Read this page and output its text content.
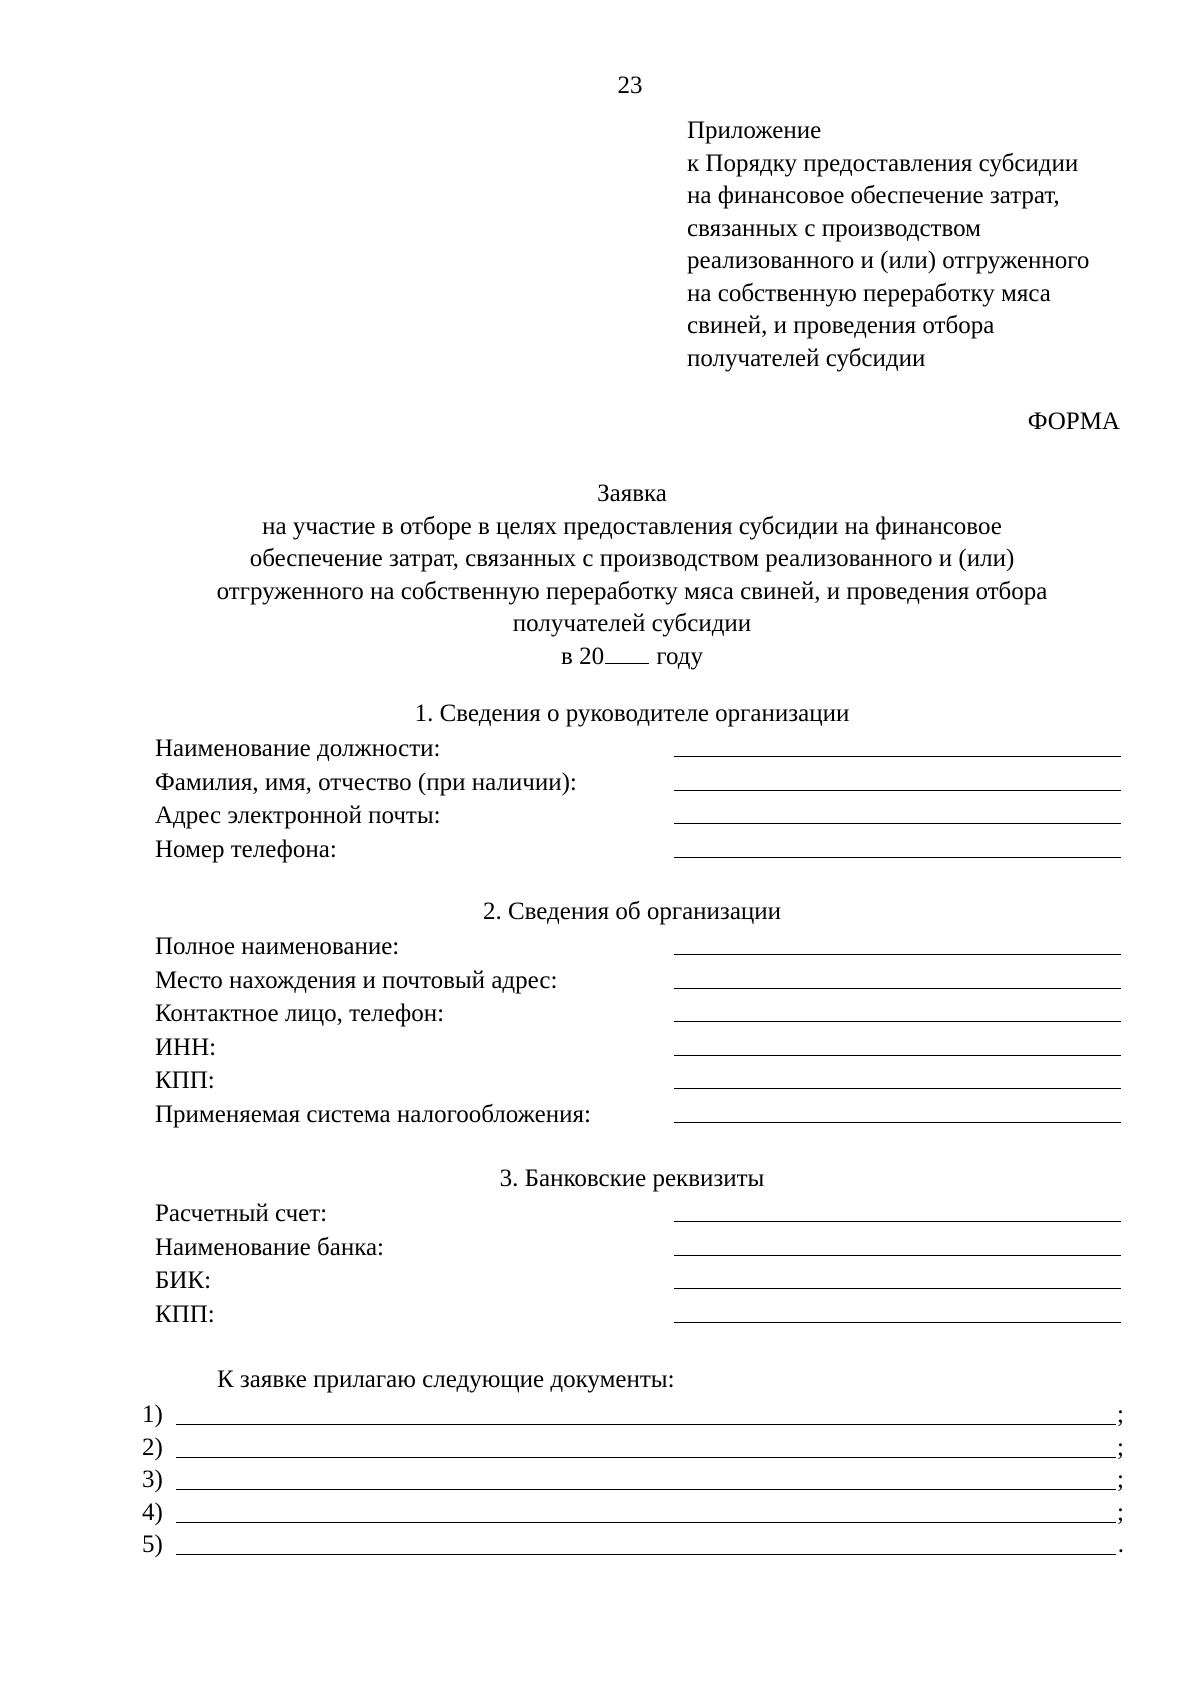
23
Приложение
к Порядку предоставления субсидии
на финансовое обеспечение затрат,
связанных с производством
реализованного и (или) отгруженного
на собственную переработку мяса
свиней, и проведения отбора
получателей субсидии
ФОРМА
Заявка
на участие в отборе в целях предоставления субсидии на финансовое
обеспечение затрат, связанных с производством реализованного и (или)
отгруженного на собственную переработку мяса свиней, и проведения отбора
получателей субсидии
в 20 году
1. Сведения о руководителе организации
Наименование должности:
Фамилия, имя, отчество (при наличии):
Адрес электронной почты:
Номер телефона:
2. Сведения об организации
Полное наименование:
Место нахождения и почтовый адрес:
Контактное лицо, телефон:
ИНН:
КПП:
Применяемая система налогообложения:
3. Банковские реквизиты
Расчетный счет:
Наименование банка:
БИК:
КПП:
К заявке прилагаю следующие документы:
1)	;
2)	;
3)	;
4)	;
5)	.
